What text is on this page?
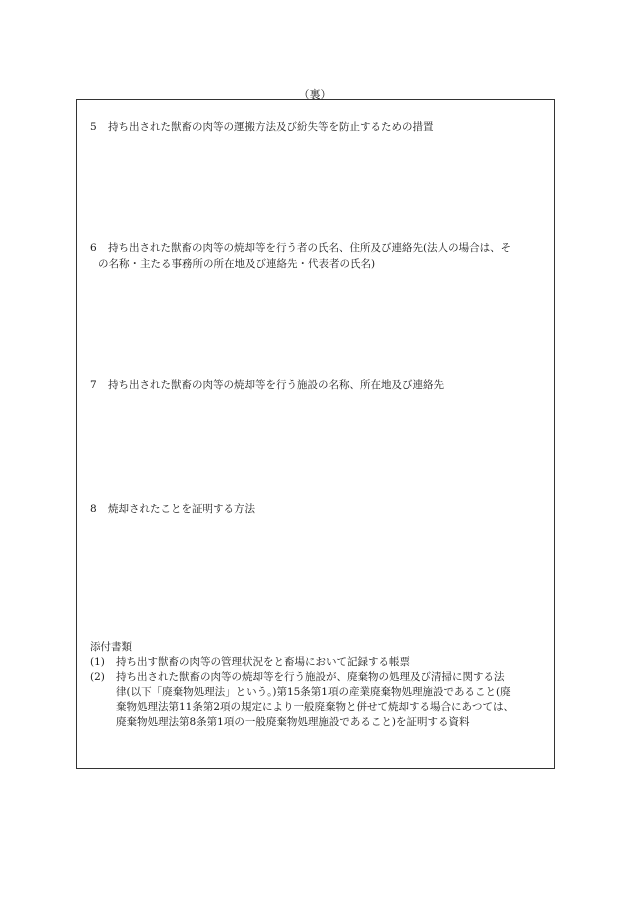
（裏）
5 持ち出された獣畜の肉等の運搬方法及び紛失等を防止するための措置
6 持ち出された獣畜の肉等の焼却等を行う者の氏名、住所及び連絡先(法人の場合は、そ
の名称・主たる事務所の所在地及び連絡先・代表者の氏名)
7 持ち出された獣畜の肉等の焼却等を行う施設の名称、所在地及び連絡先
8 焼却されたことを証明する方法
添付書類
(1)	持ち出す獣畜の肉等の管理状況をと畜場において記録する帳票
(2)	持ち出された獣畜の肉等の焼却等を行う施設が、廃棄物の処理及び清掃に関する法
律(以下「廃棄物処理法」という。)第15条第1項の産業廃棄物処理施設であること(廃
棄物処理法第11条第2項の規定により一般廃棄物と併せて焼却する場合にあつては、
廃棄物処理法第8条第1項の一般廃棄物処理施設であること)を証明する資料
